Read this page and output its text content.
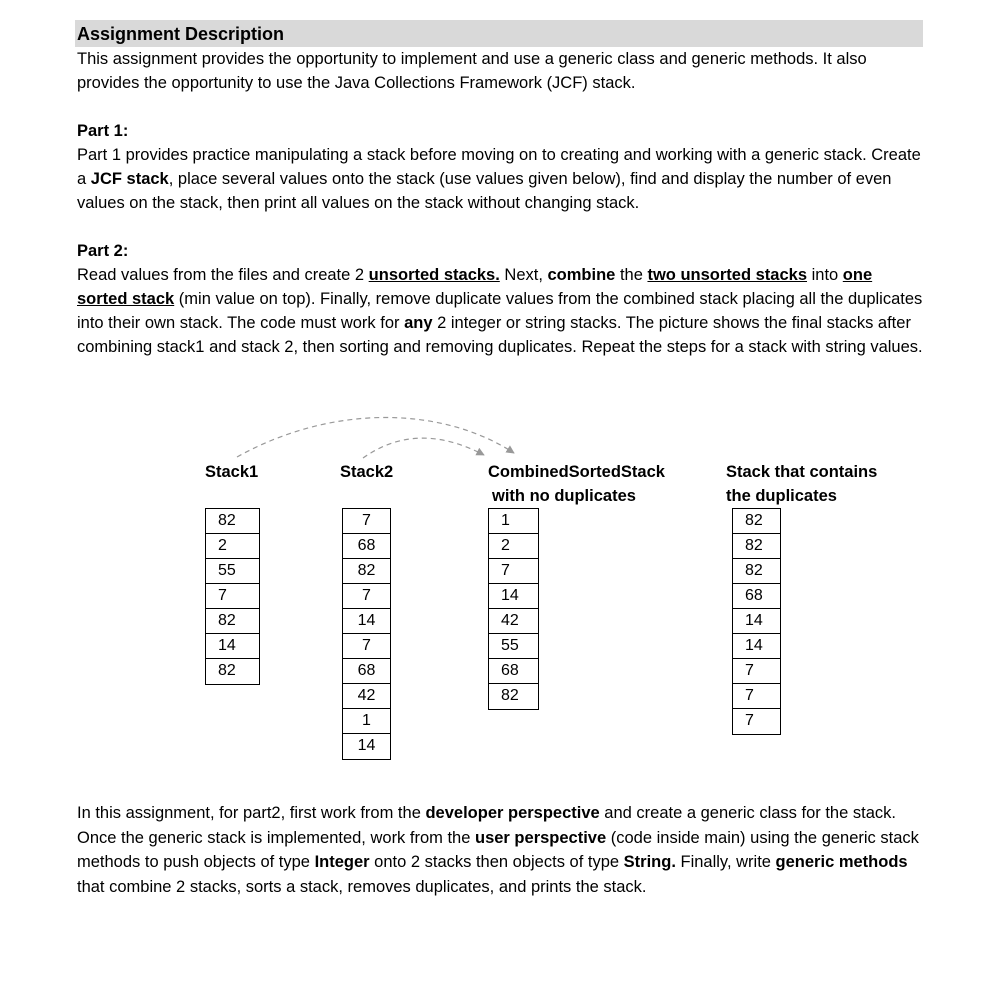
Assignment Description
This assignment provides the opportunity to implement and use a generic class and generic methods. It also provides the opportunity to use the Java Collections Framework (JCF) stack.
Part 1:
Part 1 provides practice manipulating a stack before moving on to creating and working with a generic stack. Create a JCF stack, place several values onto the stack (use values given below), find and display the number of even values on the stack, then print all values on the stack without changing stack.
Part 2:
Read values from the files and create 2 unsorted stacks. Next, combine the two unsorted stacks into one sorted stack (min value on top). Finally, remove duplicate values from the combined stack placing all the duplicates into their own stack. The code must work for any 2 integer or string stacks. The picture shows the final stacks after combining stack1 and stack 2, then sorting and removing duplicates. Repeat the steps for a stack with string values.
Stack1	Stack2	CombinedSortedStack
with no duplicates
Stack that contains
the duplicates
82
2
55
7
82
14
82
7
68
82
7
14
7
68
42
1
14
1
2
7
14
42
55
68
82
82
82
82
68
14
14
7
7
7
In this assignment, for part2, first work from the developer perspective and create a generic class for the stack. Once the generic stack is implemented, work from the user perspective (code inside main) using the generic stack methods to push objects of type Integer onto 2 stacks then objects of type String. Finally, write generic methods that combine 2 stacks, sorts a stack, removes duplicates, and prints the stack.
